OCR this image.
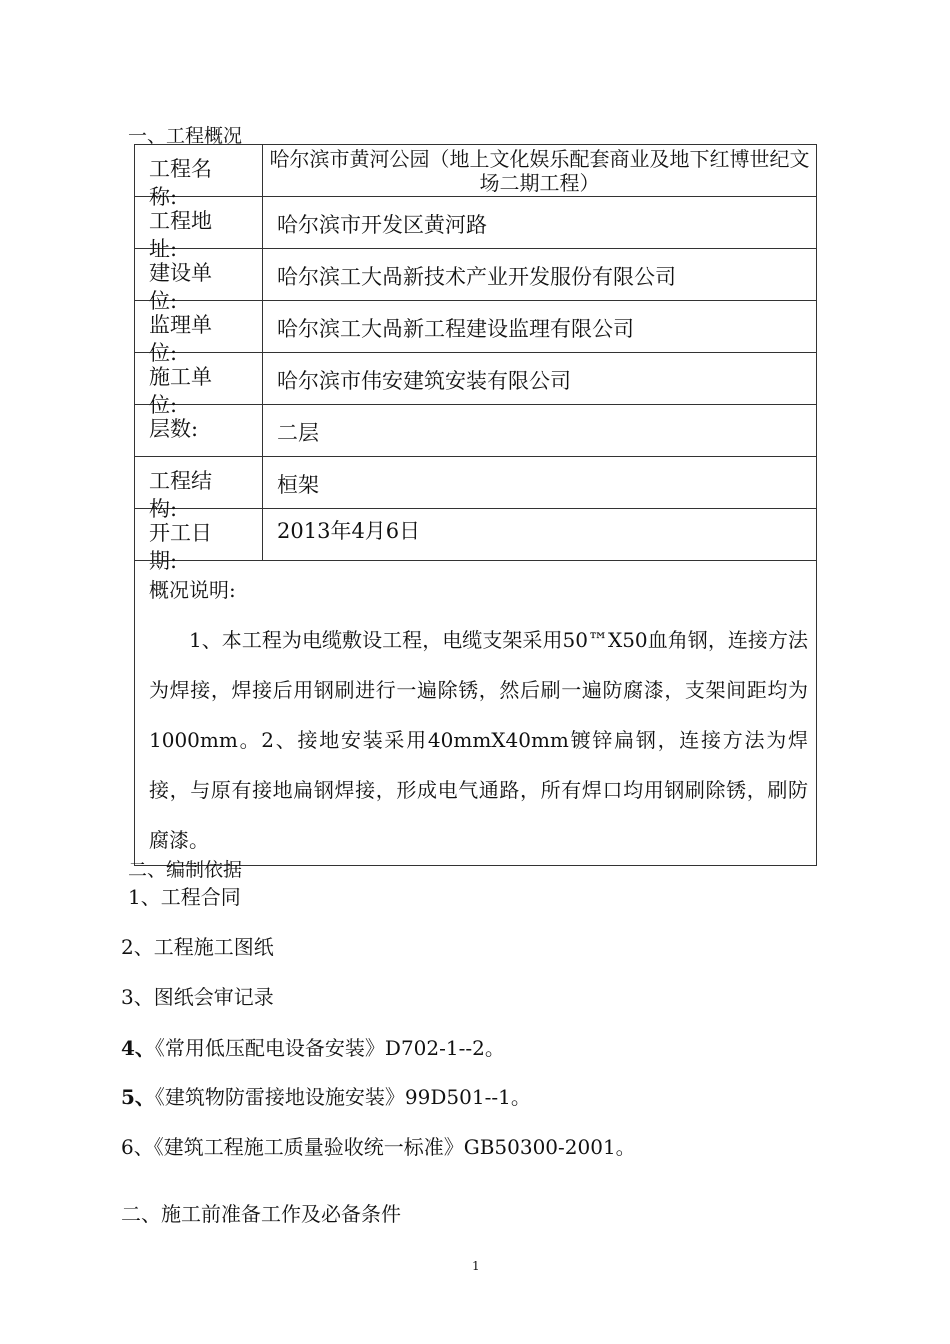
一、工程概况
工程名称:	哈尔滨市黄河公园（地上文化娱乐配套商业及地下红博世纪文场二期工程）

工程地址:	哈尔滨市开发区黄河路

建设单位:	哈尔滨工大咼新技术产业开发服份有限公司

监理单位:	哈尔滨工大咼新工程建设监理有限公司

施工单位:	哈尔滨市伟安建筑安装有限公司

层数:	二层

工程结构:	桓架

开工日期:	2013年4月6日

概况说明:
1、本工程为电缆敷设工程，电缆支架采用50™X50血角钢，连接方法为焊接，焊接后用钢刷进行一遍除锈，然后刷一遍防腐漆，支架间距均为1000mm。2、接地安装采用40mmX40mm镀锌扁钢，连接方法为焊接，与原有接地扁钢焊接，形成电气通路，所有焊口均用钢刷除锈，刷防腐漆。	
二、编制依据
1、工程合同
2、工程施工图纸
3、图纸会审记录
4、《常用低压配电设备安装》D702-1--2。
5、《建筑物防雷接地设施安装》99D501--1。
6、《建筑工程施工质量验收统一标准》GB50300-2001。
二、施工前准备工作及必备条件
1
